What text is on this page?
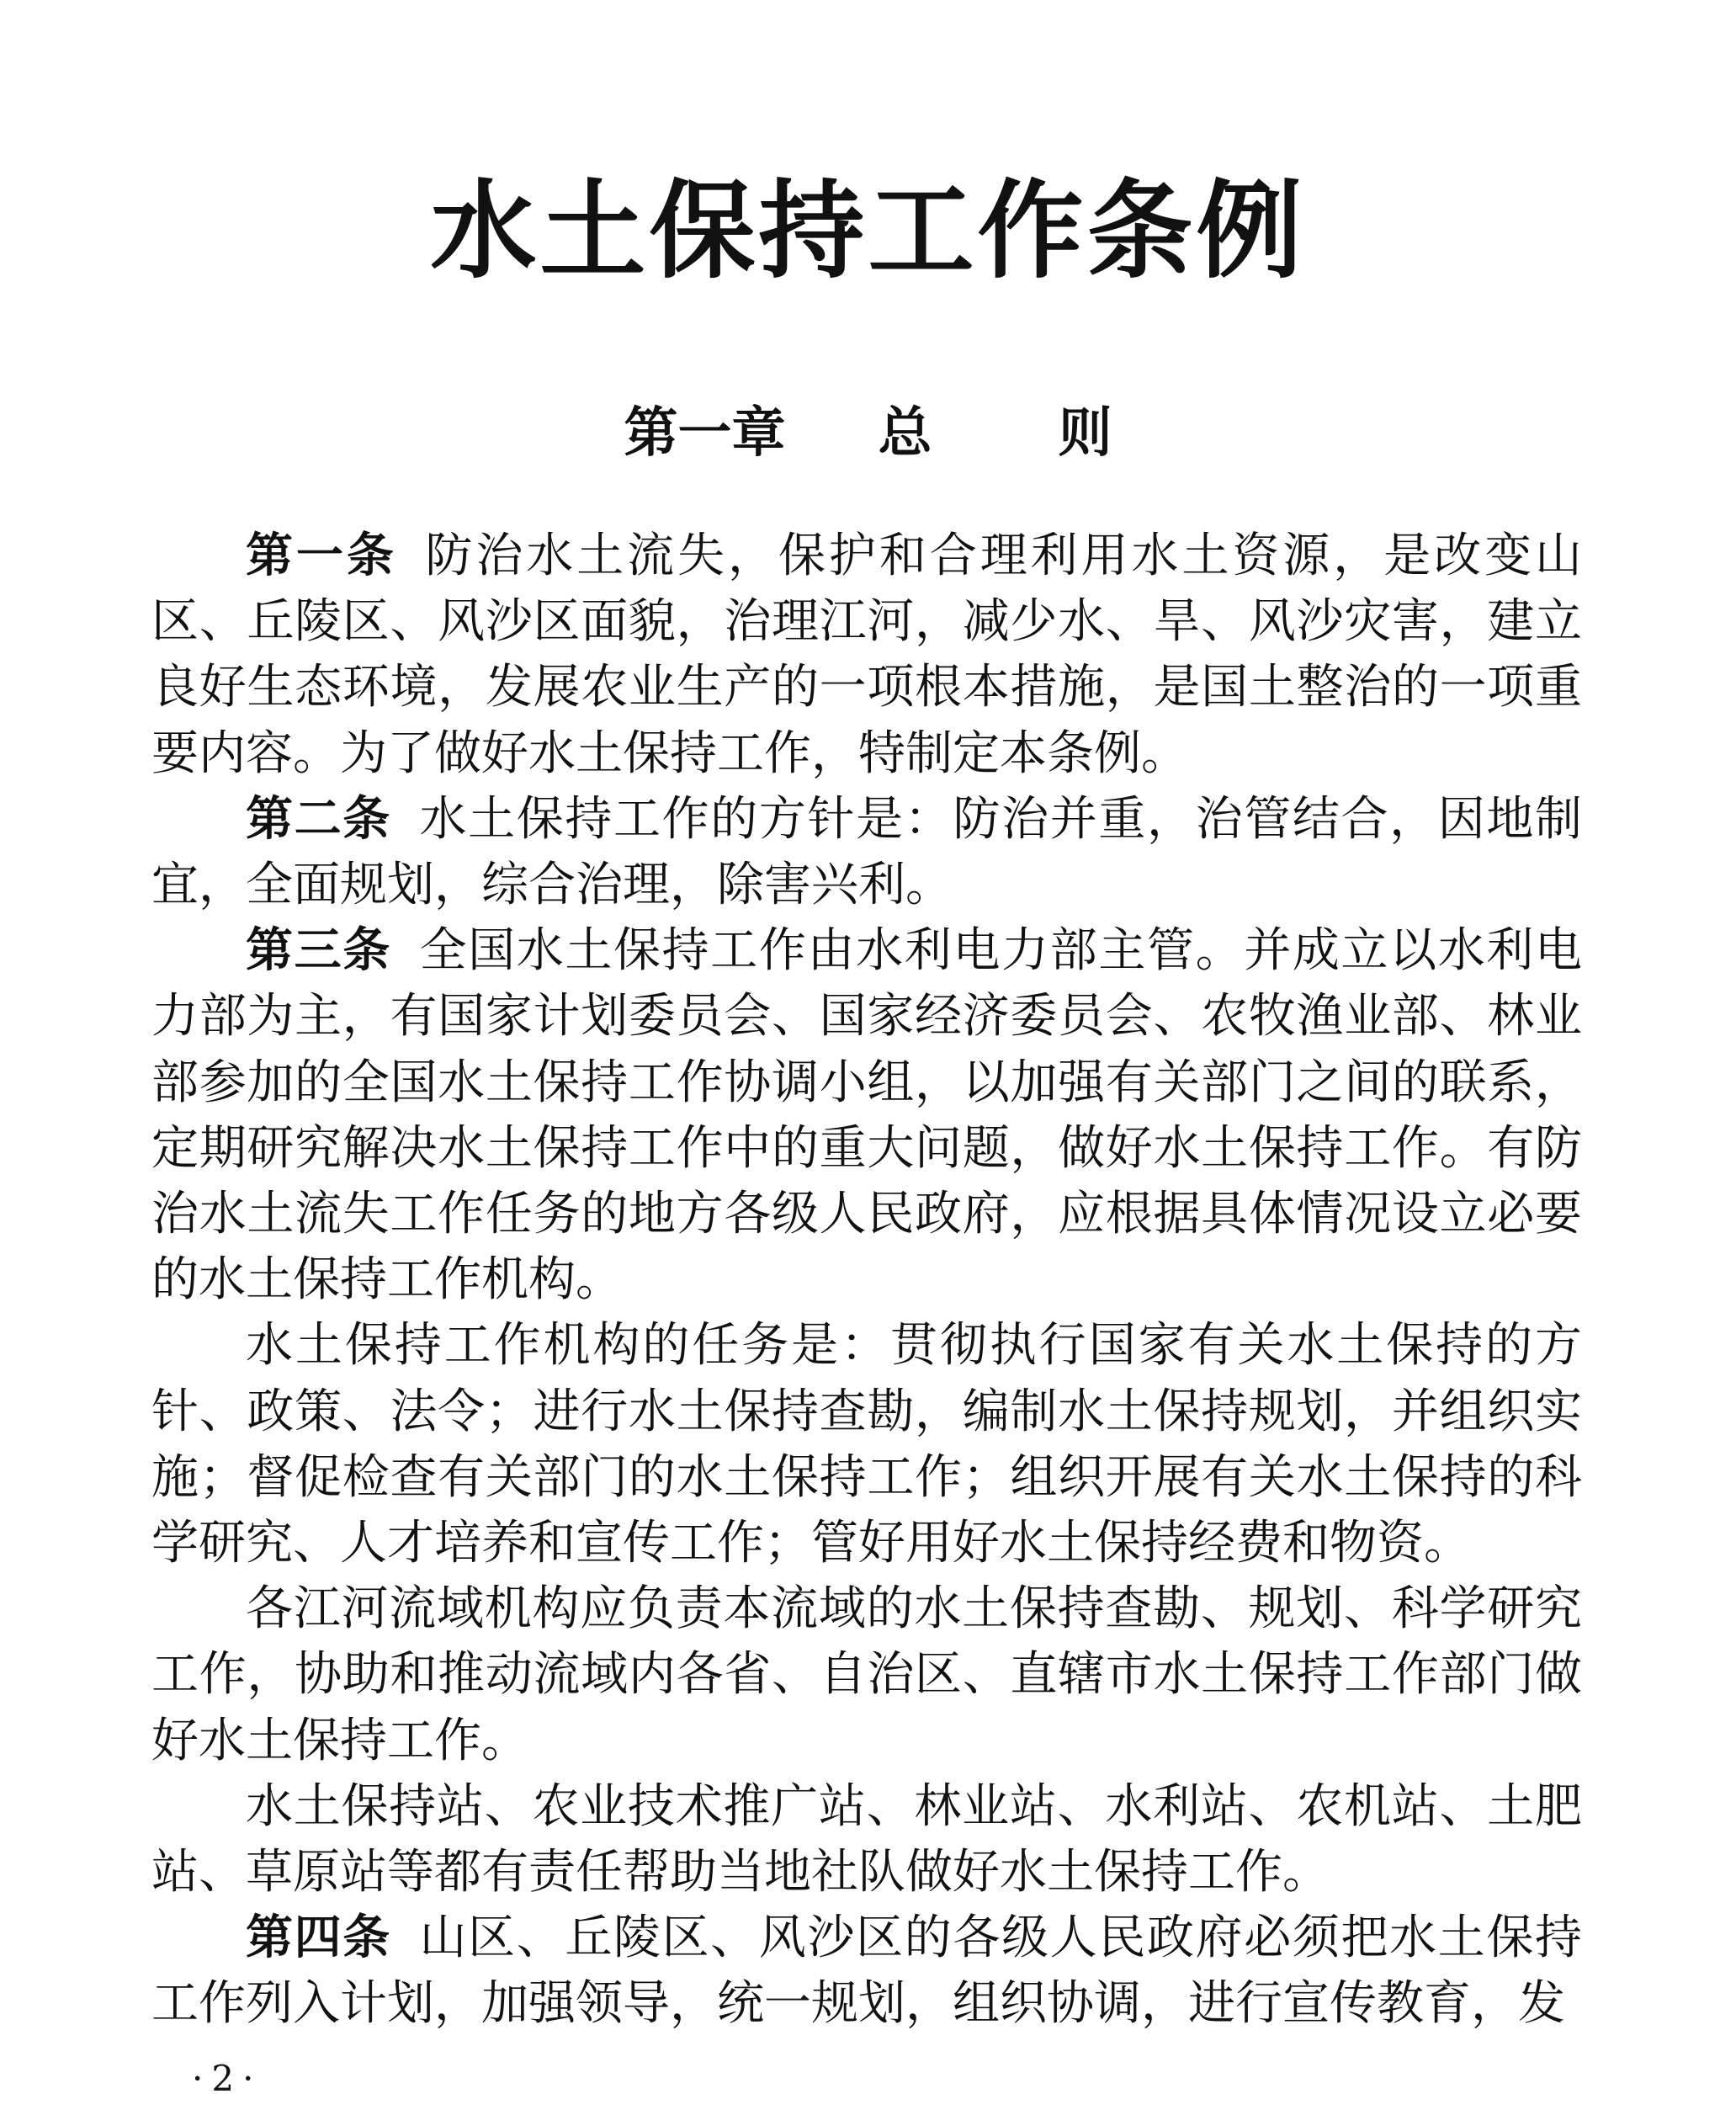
水土保持工作条例
第一章 总 则

第一条 防治水土流失，保护和合理利用水土资源，是改变山区、丘陵区、风沙区面貌，治理江河，减少水、旱、风沙灾害，建立良好生态环境，发展农业生产的一项根本措施，是国土整治的一项重要内容。为了做好水土保持工作，特制定本条例。

第二条 水土保持工作的方针是：防治并重，治管结合，因地制宜，全面规划，综合治理，除害兴利。

第三条 全国水土保持工作由水利电力部主管。并成立以水利电力部为主，有国家计划委员会、国家经济委员会、农牧渔业部、林业部参加的全国水土保持工作协调小组，以加强有关部门之间的联系，定期研究解决水土保持工作中的重大问题，做好水土保持工作。有防治水土流失工作任务的地方各级人民政府，应根据具体情况设立必要的水土保持工作机构。

水土保持工作机构的任务是：贯彻执行国家有关水土保持的方针、政策、法令；进行水土保持查勘，编制水土保持规划，并组织实施；督促检查有关部门的水土保持工作；组织开展有关水土保持的科学研究、人才培养和宣传工作；管好用好水土保持经费和物资。

各江河流域机构应负责本流域的水土保持查勘、规划、科学研究工作，协助和推动流域内各省、自治区、直辖市水土保持工作部门做好水土保持工作。

水土保持站、农业技术推广站、林业站、水利站、农机站、土肥站、草原站等都有责任帮助当地社队做好水土保持工作。

第四条 山区、丘陵区、风沙区的各级人民政府必须把水土保持工作列入计划，加强领导，统一规划，组织协调，进行宣传教育，发

·2·
